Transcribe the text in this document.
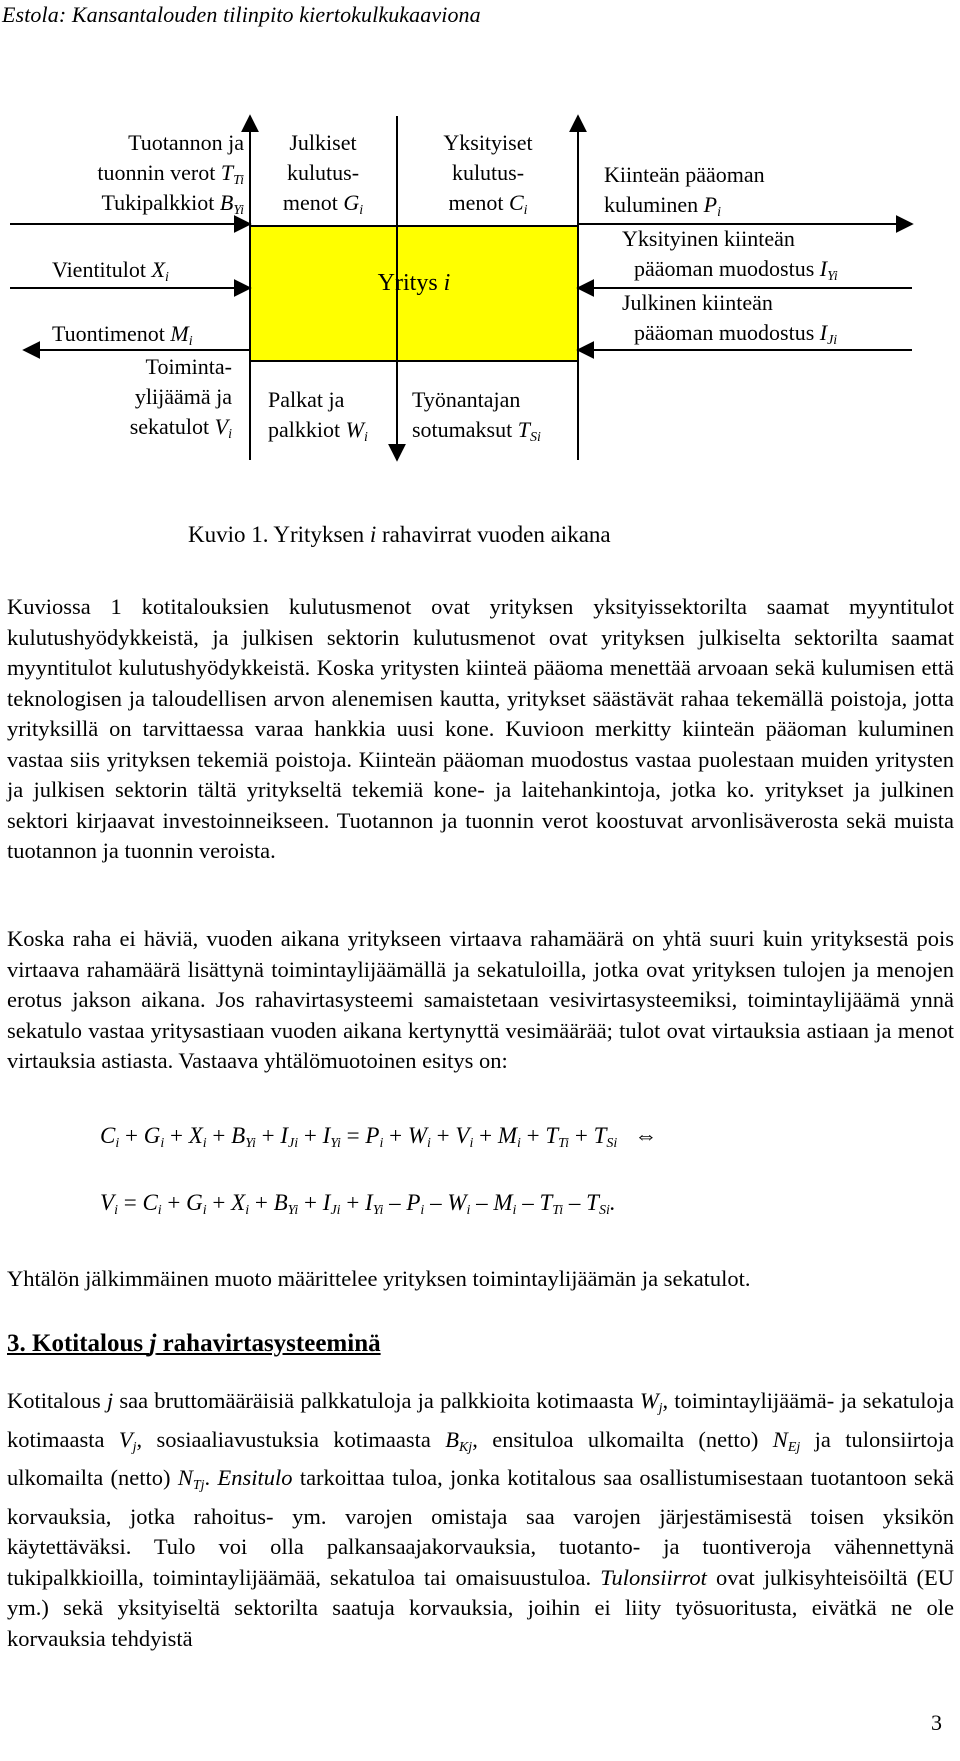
Estola: Kansantalouden tilinpito kiertokulkukaaviona
Yritys i
Tuotannon ja
tuonnin verot $T_{Ti}$
Tukipalkkiot $B_{Yi}$
Vientitulot $X_i$
Tuontimenot $M_i$
Toiminta-
ylijäämä ja
sekatulot $V_i$
Julkiset
kulutus-
menot $G_i$
Yksityiset
kulutus-
menot $C_i$
Palkat ja
palkkiot $W_i$
Työnantajan
sotumaksut $T_{Si}$
Kiinteän pääoman
kuluminen $P_i$
Yksityinen kiinteän
pääoman muodostus $I_{Yi}$
Julkinen kiinteän
pääoman muodostus $I_{Ji}$
Kuvio 1. Yrityksen i rahavirrat vuoden aikana

Kuviossa 1 kotitalouksien kulutusmenot ovat yrityksen yksityissektorilta saamat myyntitulot kulutushyödykkeistä, ja julkisen sektorin kulutusmenot ovat yrityksen julkiselta sektorilta saamat myyntitulot kulutushyödykkeistä. Koska yritysten kiinteä pääoma menettää arvoaan sekä kulumisen että teknologisen ja taloudellisen arvon alenemisen kautta, yritykset säästävät rahaa tekemällä poistoja, jotta yrityksillä on tarvittaessa varaa hankkia uusi kone. Kuvioon merkitty kiinteän pääoman kuluminen vastaa siis yrityksen tekemiä poistoja. Kiinteän pääoman muodostus vastaa puolestaan muiden yritysten ja julkisen sektorin tältä yritykseltä tekemiä kone- ja laitehankintoja, jotka ko. yritykset ja julkinen sektori kirjaavat investoinneikseen. Tuotannon ja tuonnin verot koostuvat arvonlisäverosta sekä muista tuotannon ja tuonnin veroista.

Koska raha ei häviä, vuoden aikana yritykseen virtaava rahamäärä on yhtä suuri kuin yrityksestä pois virtaava rahamäärä lisättynä toimintaylijäämällä ja sekatuloilla, jotka ovat yrityksen tulojen ja menojen erotus jakson aikana. Jos rahavirtasysteemi samaistetaan vesivirtasysteemiksi, toimintaylijäämä ynnä sekatulo vastaa yritysastiaan vuoden aikana kertynyttä vesimäärää; tulot ovat virtauksia astiaan ja menot virtauksia astiasta. Vastaava yhtälömuotoinen esitys on:

$C_i + G_i + X_i + B_{Yi} + I_{Ji} + I_{Yi} = P_i + W_i + V_i + M_i + T_{Ti} + T_{Si}$ ⇔
$V_i = C_i + G_i + X_i + B_{Yi} + I_{Ji} + I_{Yi} - P_i - W_i - M_i - T_{Ti} - T_{Si}$.

Yhtälön jälkimmäinen muoto määrittelee yrityksen toimintaylijäämän ja sekatulot.

3. Kotitalous j rahavirtasysteeminä

Kotitalous j saa bruttomääräisiä palkkatuloja ja palkkioita kotimaasta $W_j$, toimintaylijäämä- ja sekatuloja kotimaasta $V_j$, sosiaaliavustuksia kotimaasta $B_{Kj}$, ensituloa ulkomailta (netto) $N_{Ej}$ ja tulonsiirtoja ulkomailta (netto) $N_{Tj}$. Ensitulo tarkoittaa tuloa, jonka kotitalous saa osallistumisestaan tuotantoon sekä korvauksia, jotka rahoitus- ym. varojen omistaja saa varojen järjestämisestä toisen yksikön käytettäväksi. Tulo voi olla palkansaajakorvauksia, tuotanto- ja tuontiveroja vähennettynä tukipalkkioilla, toimintaylijäämää, sekatuloa tai omaisuustuloa. Tulonsiirrot ovat julkisyhteisöiltä (EU ym.) sekä yksityiseltä sektorilta saatuja korvauksia, joihin ei liity työsuoritusta, eivätkä ne ole korvauksia tehdyistä

3
